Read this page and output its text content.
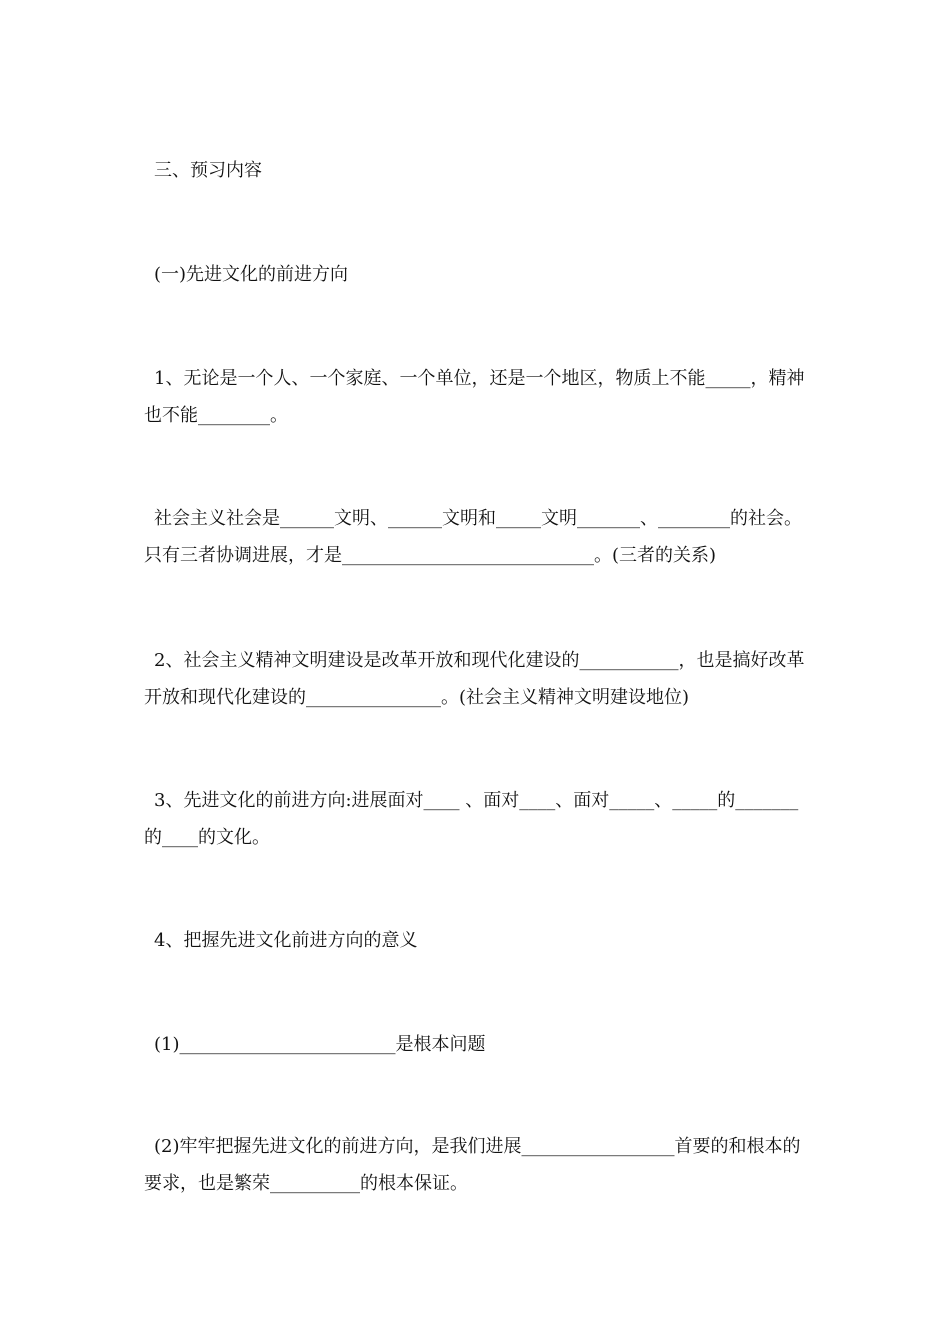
三、预习内容
(一)先进文化的前进方向
1、无论是一个人、一个家庭、一个单位，还是一个地区，物质上不能_____，精神也不能________。
社会主义社会是______文明、______文明和_____文明_______、________的社会。只有三者协调进展，才是____________________________。(三者的关系)
2、社会主义精神文明建设是改革开放和现代化建设的___________，也是搞好改革开放和现代化建设的_______________。(社会主义精神文明建设地位)
3、先进文化的前进方向:进展面对____ 、面对____、面对_____、_____的_______的____的文化。
4、把握先进文化前进方向的意义
(1)________________________是根本问题
(2)牢牢把握先进文化的前进方向，是我们进展_________________首要的和根本的要求，也是繁荣__________的根本保证。
